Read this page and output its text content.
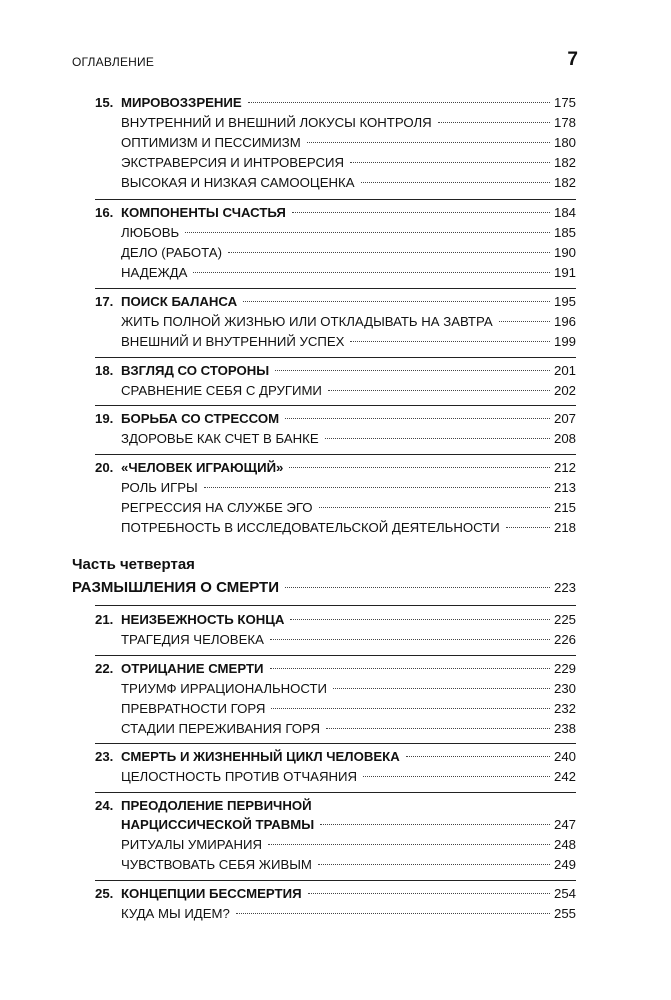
ОГЛАВЛЕНИЕ	7
15. МИРОВОЗЗРЕНИЕ	175
ВНУТРЕННИЙ И ВНЕШНИЙ ЛОКУСЫ КОНТРОЛЯ	178
ОПТИМИЗМ И ПЕССИМИЗМ	180
ЭКСТРАВЕРСИЯ И ИНТРОВЕРСИЯ	182
ВЫСОКАЯ И НИЗКАЯ САМООЦЕНКА	182
16. КОМПОНЕНТЫ СЧАСТЬЯ	184
ЛЮБОВЬ	185
ДЕЛО (РАБОТА)	190
НАДЕЖДА	191
17. ПОИСК БАЛАНСА	195
ЖИТЬ ПОЛНОЙ ЖИЗНЬЮ ИЛИ ОТКЛАДЫВАТЬ НА ЗАВТРА	196
ВНЕШНИЙ И ВНУТРЕННИЙ УСПЕХ	199
18. ВЗГЛЯД СО СТОРОНЫ	201
СРАВНЕНИЕ СЕБЯ С ДРУГИМИ	202
19. БОРЬБА СО СТРЕССОМ	207
ЗДОРОВЬЕ КАК СЧЕТ В БАНКЕ	208
20. «ЧЕЛОВЕК ИГРАЮЩИЙ»	212
РОЛЬ ИГРЫ	213
РЕГРЕССИЯ НА СЛУЖБЕ ЭГО	215
ПОТРЕБНОСТЬ В ИССЛЕДОВАТЕЛЬСКОЙ ДЕЯТЕЛЬНОСТИ	218
Часть четвертая
РАЗМЫШЛЕНИЯ О СМЕРТИ	223
21. НЕИЗБЕЖНОСТЬ КОНЦА	225
ТРАГЕДИЯ ЧЕЛОВЕКА	226
22. ОТРИЦАНИЕ СМЕРТИ	229
ТРИУМФ ИРРАЦИОНАЛЬНОСТИ	230
ПРЕВРАТНОСТИ ГОРЯ	232
СТАДИИ ПЕРЕЖИВАНИЯ ГОРЯ	238
23. СМЕРТЬ И ЖИЗНЕННЫЙ ЦИКЛ ЧЕЛОВЕКА	240
ЦЕЛОСТНОСТЬ ПРОТИВ ОТЧАЯНИЯ	242
24. ПРЕОДОЛЕНИЕ ПЕРВИЧНОЙ
НАРЦИССИЧЕСКОЙ ТРАВМЫ	247
РИТУАЛЫ УМИРАНИЯ	248
ЧУВСТВОВАТЬ СЕБЯ ЖИВЫМ	249
25. КОНЦЕПЦИИ БЕССМЕРТИЯ	254
КУДА МЫ ИДЕМ?	255
